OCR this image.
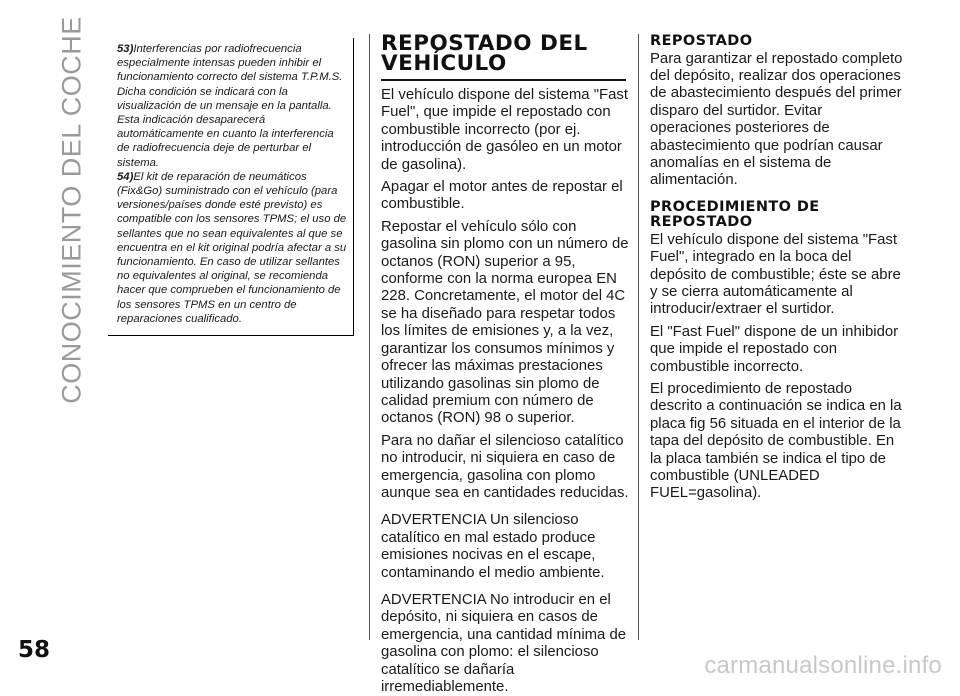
CONOCIMIENTO DEL COCHE
58

53)Interferencias por radiofrecuencia especialmente intensas pueden inhibir el funcionamiento correcto del sistema T.P.M.S. Dicha condición se indicará con la visualización de un mensaje en la pantalla. Esta indicación desaparecerá automáticamente en cuanto la interferencia de radiofrecuencia deje de perturbar el sistema.

54)El kit de reparación de neumáticos (Fix&Go) suministrado con el vehículo (para versiones/países donde esté previsto) es compatible con los sensores TPMS; el uso de sellantes que no sean equivalentes al que se encuentra en el kit original podría afectar a su funcionamiento. En caso de utilizar sellantes no equivalentes al original, se recomienda hacer que comprueben el funcionamiento de los sensores TPMS en un centro de reparaciones cualificado.

REPOSTADO DEL VEHÍCULO

El vehículo dispone del sistema "Fast Fuel", que impide el repostado con combustible incorrecto (por ej. introducción de gasóleo en un motor de gasolina).

Apagar el motor antes de repostar el combustible.

Repostar el vehículo sólo con gasolina sin plomo con un número de octanos (RON) superior a 95, conforme con la norma europea EN 228. Concretamente, el motor del 4C se ha diseñado para respetar todos los límites de emisiones y, a la vez, garantizar los consumos mínimos y ofrecer las máximas prestaciones utilizando gasolinas sin plomo de calidad premium con número de octanos (RON) 98 o superior.

Para no dañar el silencioso catalítico no introducir, ni siquiera en caso de emergencia, gasolina con plomo aunque sea en cantidades reducidas.

ADVERTENCIA Un silencioso catalítico en mal estado produce emisiones nocivas en el escape, contaminando el medio ambiente.

ADVERTENCIA No introducir en el depósito, ni siquiera en casos de emergencia, una cantidad mínima de gasolina con plomo: el silencioso catalítico se dañaría irremediablemente.

REPOSTADO

Para garantizar el repostado completo del depósito, realizar dos operaciones de abastecimiento después del primer disparo del surtidor. Evitar operaciones posteriores de abastecimiento que podrían causar anomalías en el sistema de alimentación.

PROCEDIMIENTO DE REPOSTADO

El vehículo dispone del sistema "Fast Fuel", integrado en la boca del depósito de combustible; éste se abre y se cierra automáticamente al introducir/extraer el surtidor.

El "Fast Fuel" dispone de un inhibidor que impide el repostado con combustible incorrecto.

El procedimiento de repostado descrito a continuación se indica en la placa fig 56 situada en el interior de la tapa del depósito de combustible. En la placa también se indica el tipo de combustible (UNLEADED FUEL=gasolina).

carmanualsonline.info
